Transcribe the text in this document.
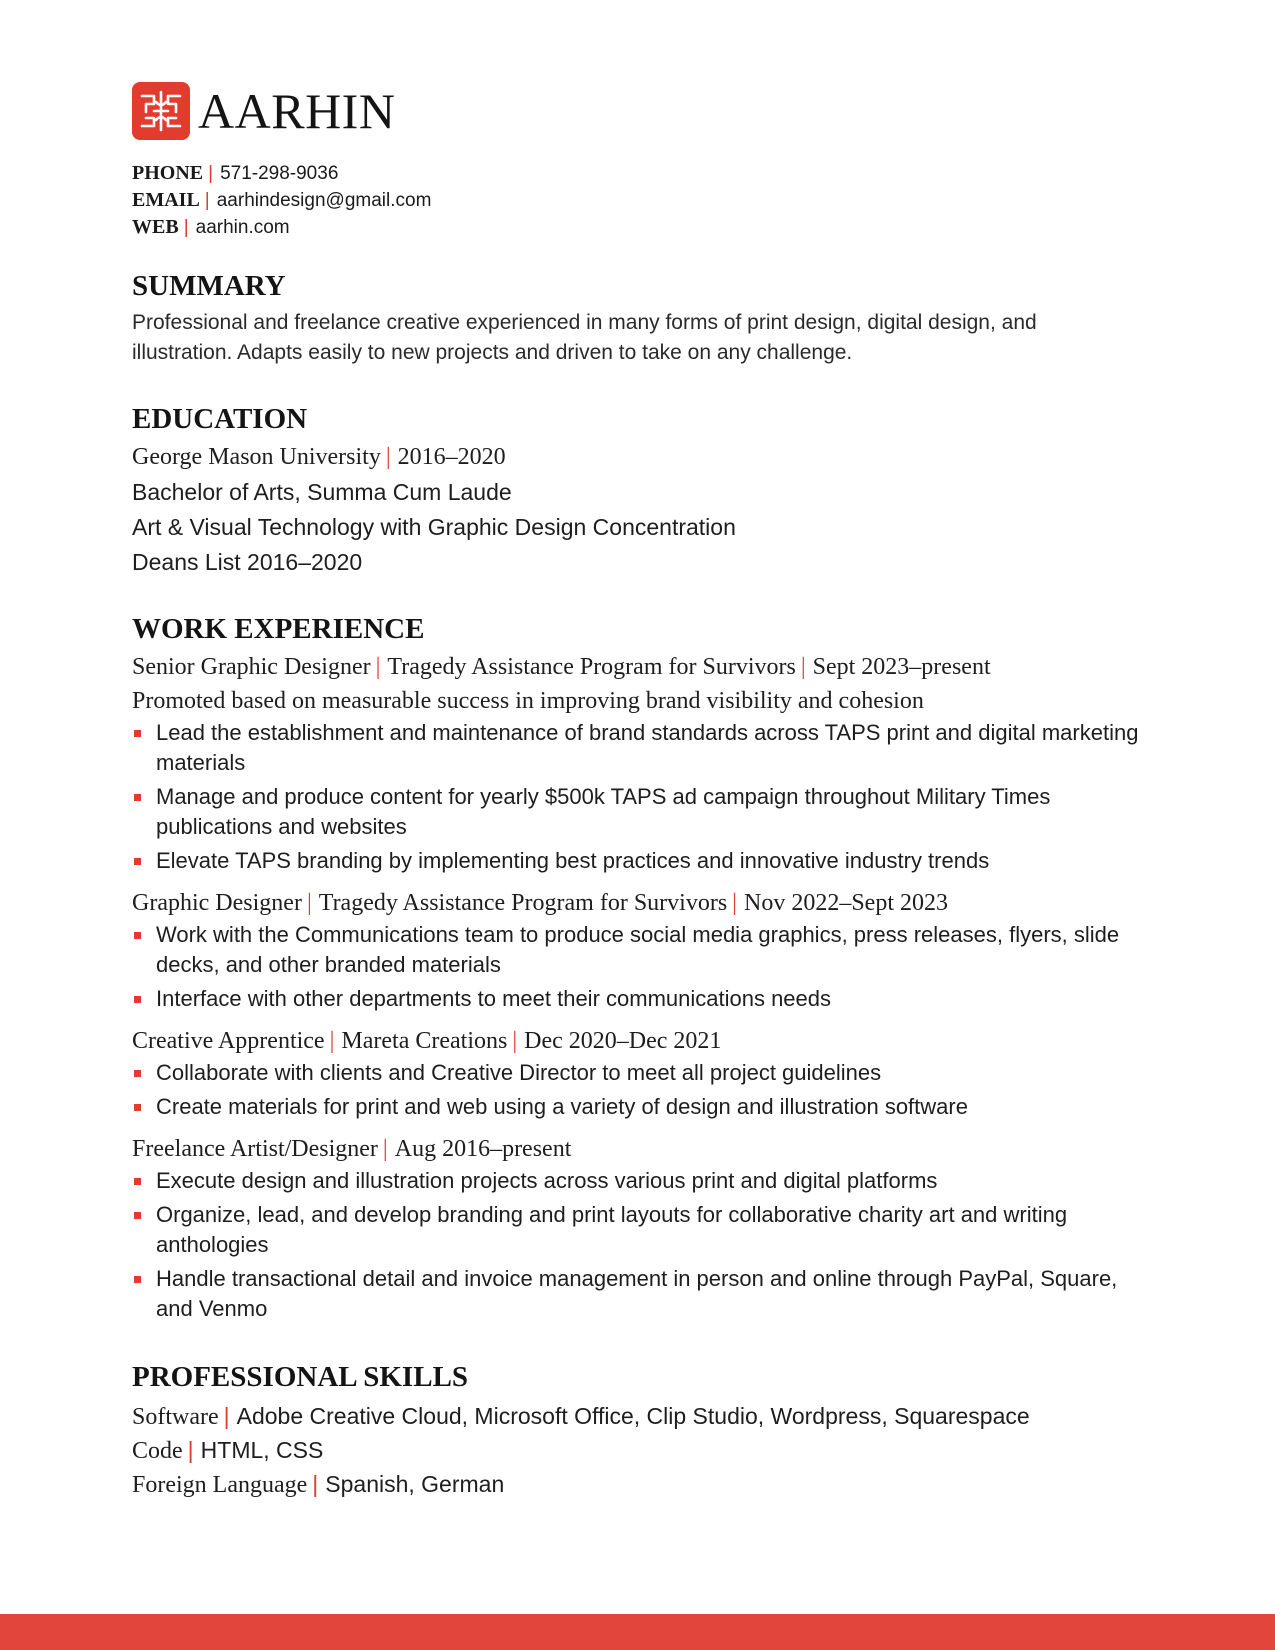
AARHIN
PHONE | 571-298-9036
EMAIL | aarhindesign@gmail.com
WEB | aarhin.com
SUMMARY

Professional and freelance creative experienced in many forms of print design, digital design, and illustration. Adapts easily to new projects and driven to take on any challenge.

EDUCATION
George Mason University | 2016–2020
Bachelor of Arts, Summa Cum Laude
Art & Visual Technology with Graphic Design Concentration
Deans List 2016–2020
WORK EXPERIENCE
Senior Graphic Designer | Tragedy Assistance Program for Survivors | Sept 2023–present
Promoted based on measurable success in improving brand visibility and cohesion
Lead the establishment and maintenance of brand standards across TAPS print and digital marketing materials
Manage and produce content for yearly $500k TAPS ad campaign throughout Military Times publications and websites
Elevate TAPS branding by implementing best practices and innovative industry trends
Graphic Designer | Tragedy Assistance Program for Survivors | Nov 2022–Sept 2023
Work with the Communications team to produce social media graphics, press releases, flyers, slide decks, and other branded materials
Interface with other departments to meet their communications needs
Creative Apprentice | Mareta Creations | Dec 2020–Dec 2021
Collaborate with clients and Creative Director to meet all project guidelines
Create materials for print and web using a variety of design and illustration software
Freelance Artist/Designer | Aug 2016–present
Execute design and illustration projects across various print and digital platforms
Organize, lead, and develop branding and print layouts for collaborative charity art and writing anthologies
Handle transactional detail and invoice management in person and online through PayPal, Square, and Venmo
PROFESSIONAL SKILLS
Software | Adobe Creative Cloud, Microsoft Office, Clip Studio, Wordpress, Squarespace
Code | HTML, CSS
Foreign Language | Spanish, German
